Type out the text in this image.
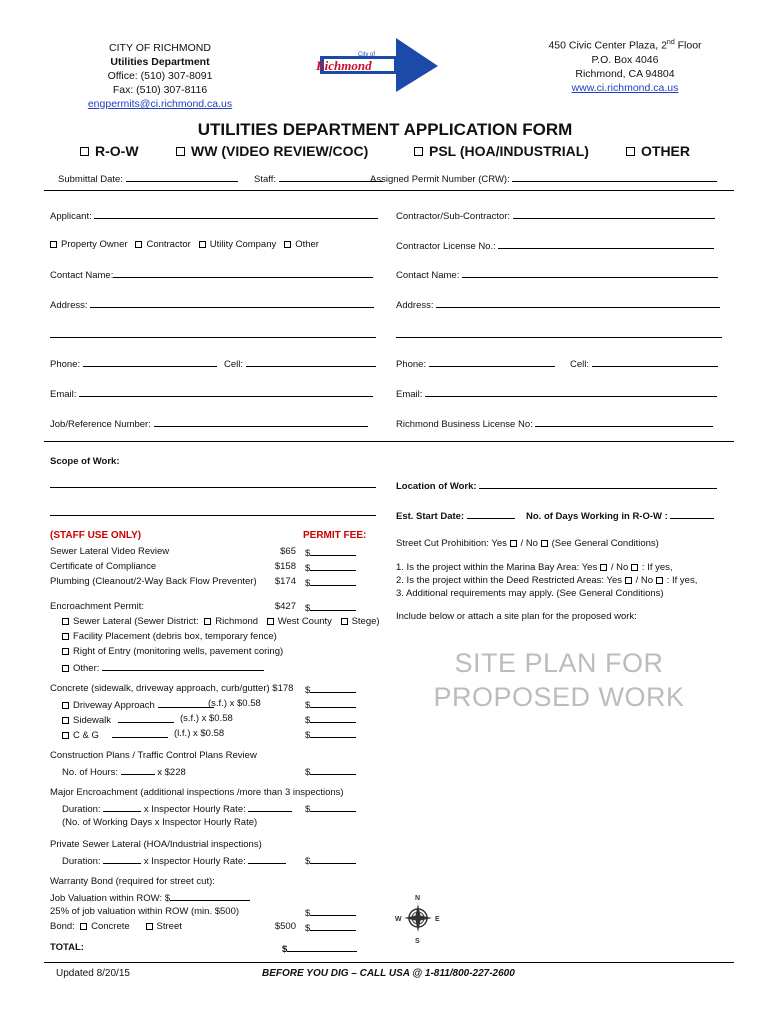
CITY OF RICHMOND
Utilities Department
Office: (510) 307-8091
Fax: (510) 307-8116
engpermits@ci.richmond.ca.us
City of
Richmond
450 Civic Center Plaza, 2nd Floor
P.O. Box 4046
Richmond, CA 94804
www.ci.richmond.ca.us
UTILITIES DEPARTMENT APPLICATION FORM
R-O-W	WW (VIDEO REVIEW/COC)	PSL (HOA/INDUSTRIAL)	OTHER
Submittal Date:	Staff:	Assigned Permit Number (CRW):
Applicant:
Property Owner Contractor Utility Company Other
Contact Name:
Address:
Phone:	Cell:
Email:
Job/Reference Number:
Contractor/Sub-Contractor:
Contractor License No.:
Contact Name:
Address:
Phone:	Cell:
Email:
Richmond Business License No:
Scope of Work:
Location of Work:
Est. Start Date:	No. of Days Working in R-O-W :
(STAFF USE ONLY)	PERMIT FEE:
Sewer Lateral Video Review	$65 $
Certificate of Compliance	$158 $
Plumbing (Cleanout/2-Way Back Flow Preventer)	$174 $
Encroachment Permit:	$427 $
Sewer Lateral (Sewer District: Richmond West County Stege)
Facility Placement (debris box, temporary fence)
Right of Entry (monitoring wells, pavement coring)
Other:
Concrete (sidewalk, driveway approach, curb/gutter) $178 $
Driveway Approach	(s.f.) x $0.58	$
Sidewalk	(s.f.) x $0.58	$
C & G	(l.f.) x $0.58	$
Construction Plans / Traffic Control Plans Review
No. of Hours:	x $228	$
Major Encroachment (additional inspections /more than 3 inspections)
Duration:	x Inspector Hourly Rate:	$
(No. of Working Days x Inspector Hourly Rate)
Private Sewer Lateral (HOA/Industrial inspections)
Duration:	x Inspector Hourly Rate:	$
Warranty Bond (required for street cut):
Job Valuation within ROW: $
25% of job valuation within ROW (min. $500)	$
Bond: Concrete	Street	$500 $
TOTAL:	$
Street Cut Prohibition: Yes / No (See General Conditions)
1. Is the project within the Marina Bay Area: Yes / No : If yes,
2. Is the project within the Deed Restricted Areas: Yes / No : If yes,
3. Additional requirements may apply. (See General Conditions)
Include below or attach a site plan for the proposed work:
SITE PLAN FOR
PROPOSED WORK
N
S
E
W
Updated 8/20/15	BEFORE YOU DIG – CALL USA @ 1-811/800-227-2600
